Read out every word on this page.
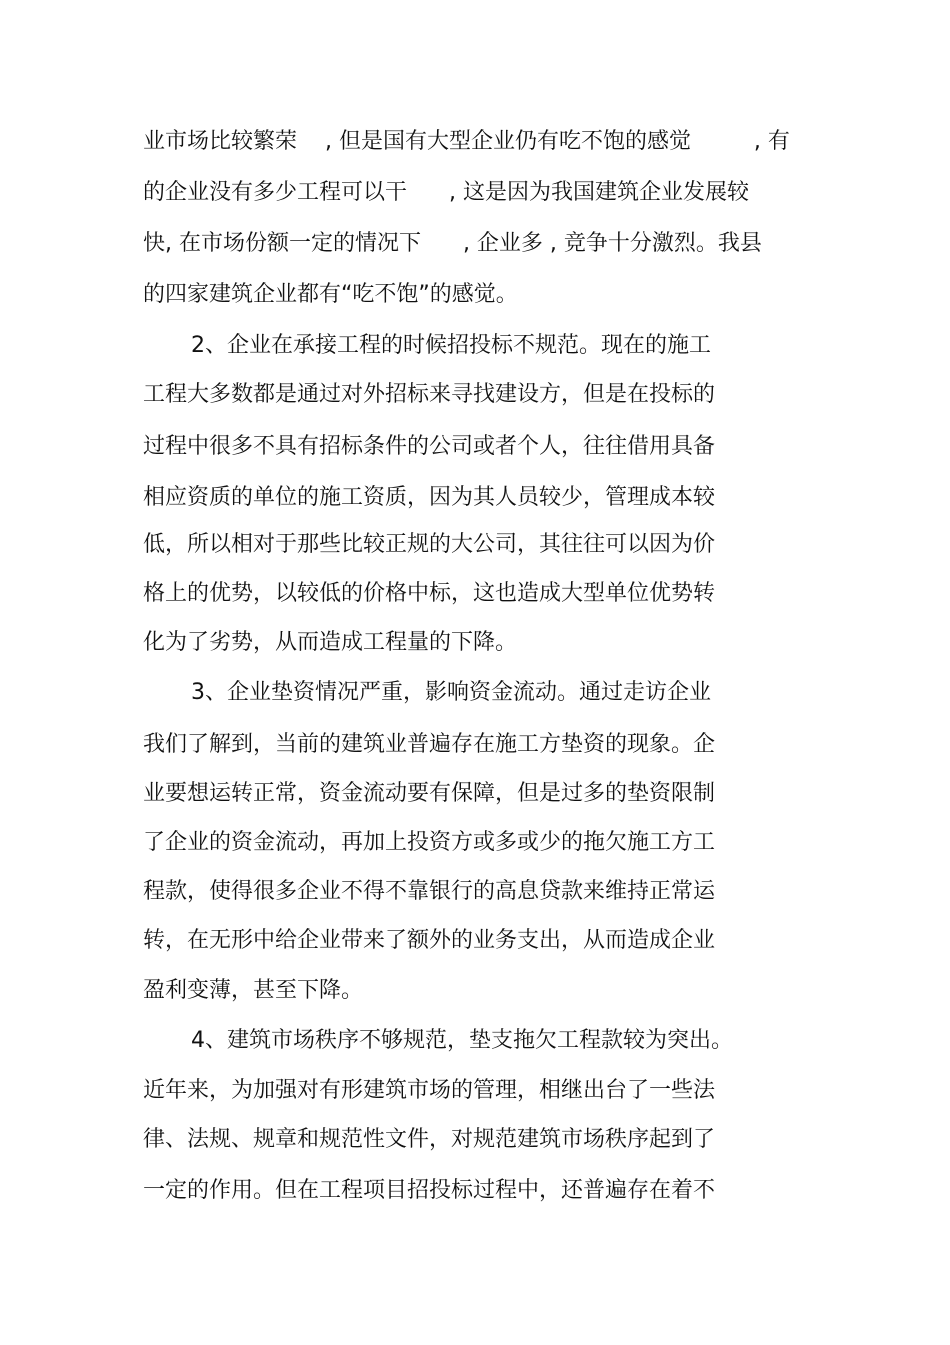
业市场比较繁荣    , 但是国有大型企业仍有吃不饱的感觉         , 有
的企业没有多少工程可以干      , 这是因为我国建筑企业发展较
快, 在市场份额一定的情况下      , 企业多 , 竞争十分激烈。我县
的四家建筑企业都有“吃不饱”的感觉。
2、企业在承接工程的时候招投标不规范。现在的施工
工程大多数都是通过对外招标来寻找建设方，但是在投标的
过程中很多不具有招标条件的公司或者个人，往往借用具备
相应资质的单位的施工资质，因为其人员较少，管理成本较
低，所以相对于那些比较正规的大公司，其往往可以因为价
格上的优势，以较低的价格中标，这也造成大型单位优势转
化为了劣势，从而造成工程量的下降。
3、企业垫资情况严重，影响资金流动。通过走访企业
我们了解到，当前的建筑业普遍存在施工方垫资的现象。企
业要想运转正常，资金流动要有保障，但是过多的垫资限制
了企业的资金流动，再加上投资方或多或少的拖欠施工方工
程款，使得很多企业不得不靠银行的高息贷款来维持正常运
转，在无形中给企业带来了额外的业务支出，从而造成企业
盈利变薄，甚至下降。
4、建筑市场秩序不够规范，垫支拖欠工程款较为突出。
近年来，为加强对有形建筑市场的管理，相继出台了一些法
律、法规、规章和规范性文件，对规范建筑市场秩序起到了
一定的作用。但在工程项目招投标过程中，还普遍存在着不
